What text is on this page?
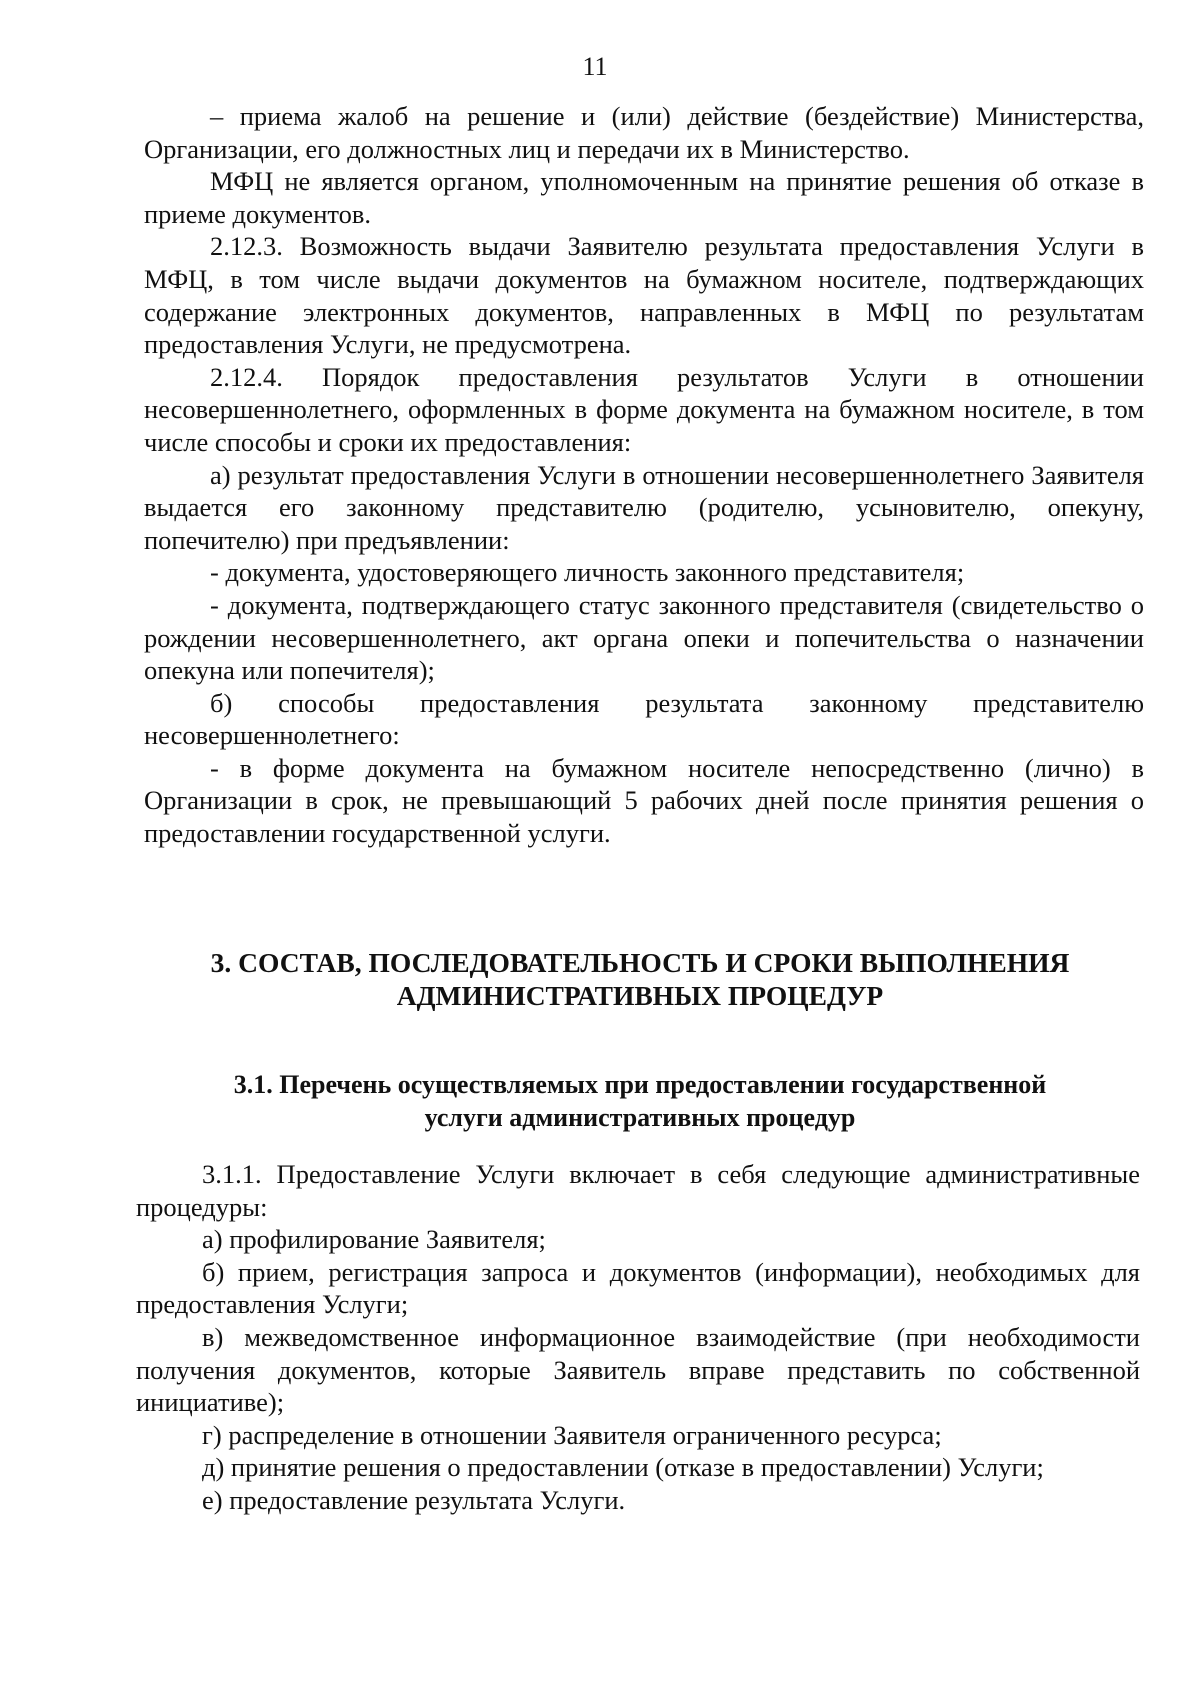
11

– приема жалоб на решение и (или) действие (бездействие) Министерства, Организации, его должностных лиц и передачи их в Министерство.

МФЦ не является органом, уполномоченным на принятие решения об отказе в приеме документов.

2.12.3. Возможность выдачи Заявителю результата предоставления Услуги в МФЦ, в том числе выдачи документов на бумажном носителе, подтверждающих содержание электронных документов, направленных в МФЦ по результатам предоставления Услуги, не предусмотрена.

2.12.4. Порядок предоставления результатов Услуги в отношении несовершеннолетнего, оформленных в форме документа на бумажном носителе, в том числе способы и сроки их предоставления:

а) результат предоставления Услуги в отношении несовершеннолетнего Заявителя выдается его законному представителю (родителю, усыновителю, опекуну, попечителю) при предъявлении:

- документа, удостоверяющего личность законного представителя;

- документа, подтверждающего статус законного представителя (свидетельство о рождении несовершеннолетнего, акт органа опеки и попечительства о назначении опекуна или попечителя);

б) способы предоставления результата законному представителю несовершеннолетнего:

- в форме документа на бумажном носителе непосредственно (лично) в Организации в срок, не превышающий 5 рабочих дней после принятия решения о предоставлении государственной услуги.

3. СОСТАВ, ПОСЛЕДОВАТЕЛЬНОСТЬ И СРОКИ ВЫПОЛНЕНИЯ
АДМИНИСТРАТИВНЫХ ПРОЦЕДУР
3.1. Перечень осуществляемых при предоставлении государственной
услуги административных процедур

3.1.1. Предоставление Услуги включает в себя следующие административные процедуры:

а) профилирование Заявителя;

б) прием, регистрация запроса и документов (информации), необходимых для предоставления Услуги;

в) межведомственное информационное взаимодействие (при необходимости получения документов, которые Заявитель вправе представить по собственной инициативе);

г) распределение в отношении Заявителя ограниченного ресурса;

д) принятие решения о предоставлении (отказе в предоставлении) Услуги;

е) предоставление результата Услуги.
